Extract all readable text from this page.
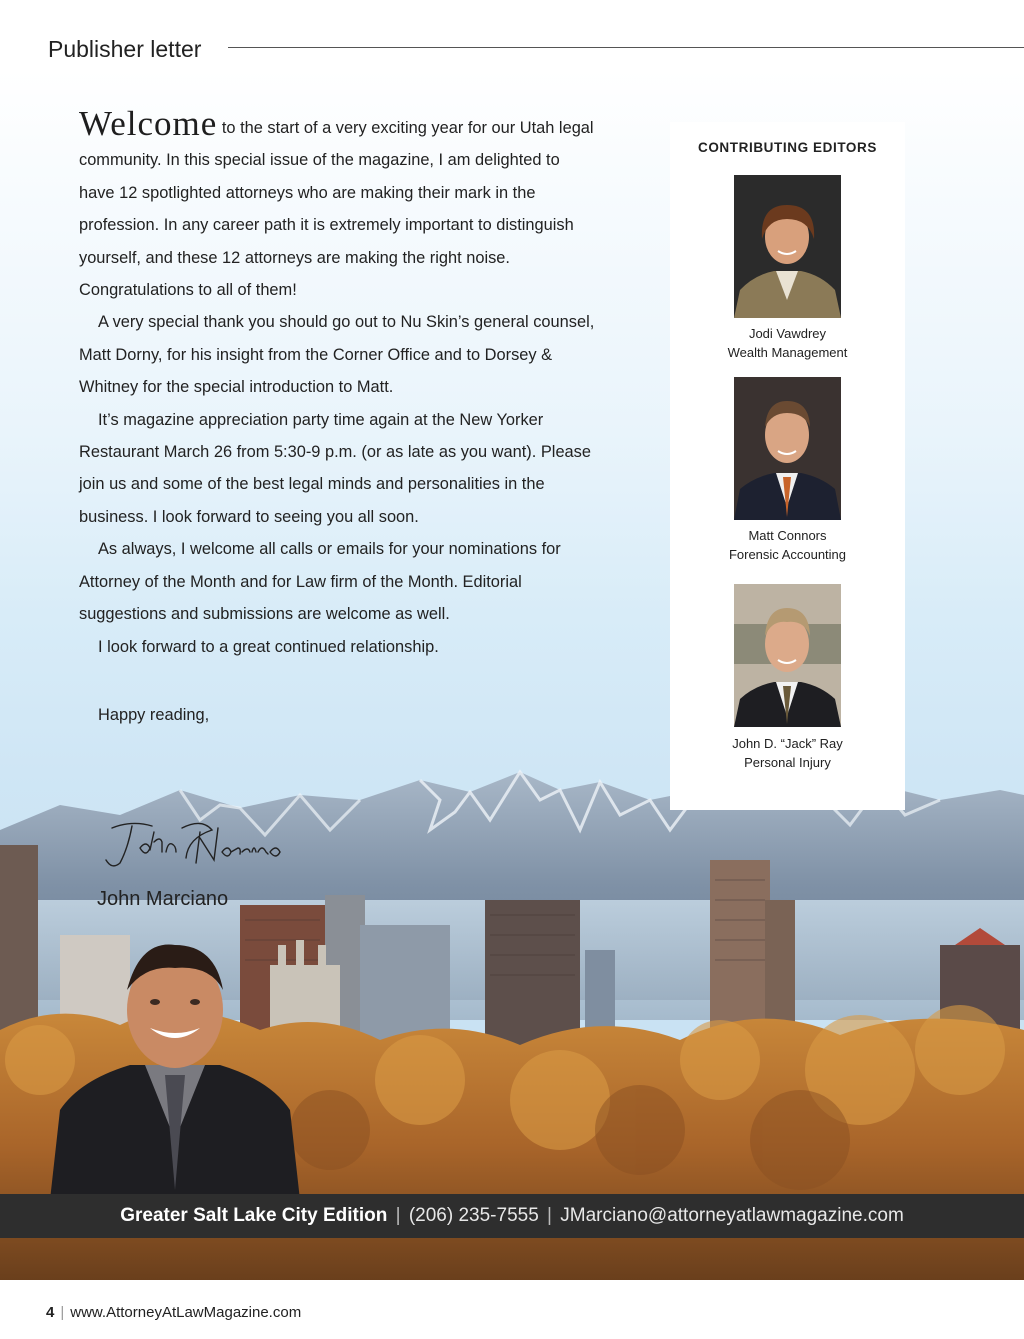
Publisher letter

Welcome to the start of a very exciting year for our Utah legal community. In this special issue of the magazine, I am delighted to have 12 spotlighted attorneys who are making their mark in the profession. In any career path it is extremely important to distinguish yourself, and these 12 attorneys are making the right noise. Congratulations to all of them!

A very special thank you should go out to Nu Skin’s general counsel, Matt Dorny, for his insight from the Corner Office and to Dorsey & Whitney for the special introduction to Matt.

It’s magazine appreciation party time again at the New Yorker Restaurant March 26 from 5:30-9 p.m. (or as late as you want). Please join us and some of the best legal minds and personalities in the business. I look forward to seeing you all soon.

As always, I welcome all calls or emails for your nominations for Attorney of the Month and for Law firm of the Month. Editorial suggestions and submissions are welcome as well.

I look forward to a great continued relationship.

Happy reading,

John Marciano
CONTRIBUTING EDITORS
Jodi Vawdrey
Wealth Management
Matt Connors
Forensic Accounting
John D. “Jack” Ray
Personal Injury
Greater Salt Lake City Edition | (206) 235-7555 | JMarciano@attorneyatlawmagazine.com
4 | www.AttorneyAtLawMagazine.com
